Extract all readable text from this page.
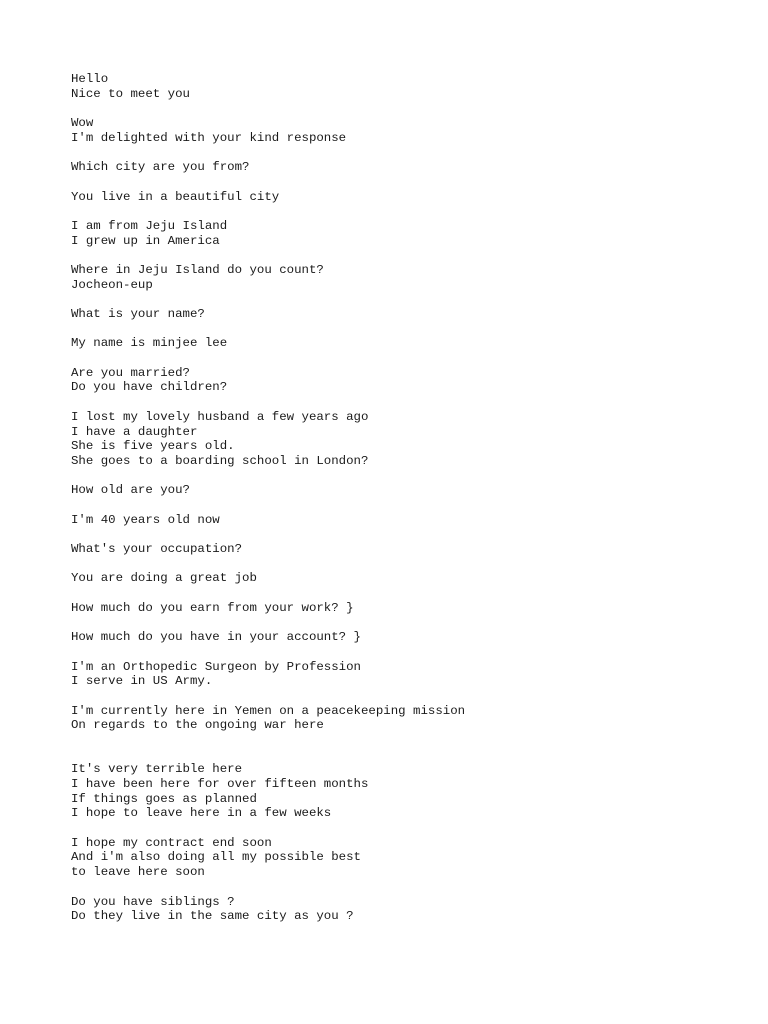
Hello
Nice to meet you
Wow
I'm delighted with your kind response
Which city are you from?
You live in a beautiful city
I am from Jeju Island
I grew up in America
Where in Jeju Island do you count?
Jocheon-eup
What is your name?
My name is minjee lee
Are you married?
Do you have children?
I lost my lovely husband a few years ago
I have a daughter
She is five years old.
She goes to a boarding school in London?
How old are you?
I'm 40 years old now
What's your occupation?
You are doing a great job
How much do you earn from your work? }
How much do you have in your account? }
I'm an Orthopedic Surgeon by Profession
I serve in US Army.
I'm currently here in Yemen on a peacekeeping mission
On regards to the ongoing war here
It's very terrible here
I have been here for over fifteen months
If things goes as planned
I hope to leave here in a few weeks
I hope my contract end soon
And i'm also doing all my possible best
to leave here soon
Do you have siblings ?
Do they live in the same city as you ?
